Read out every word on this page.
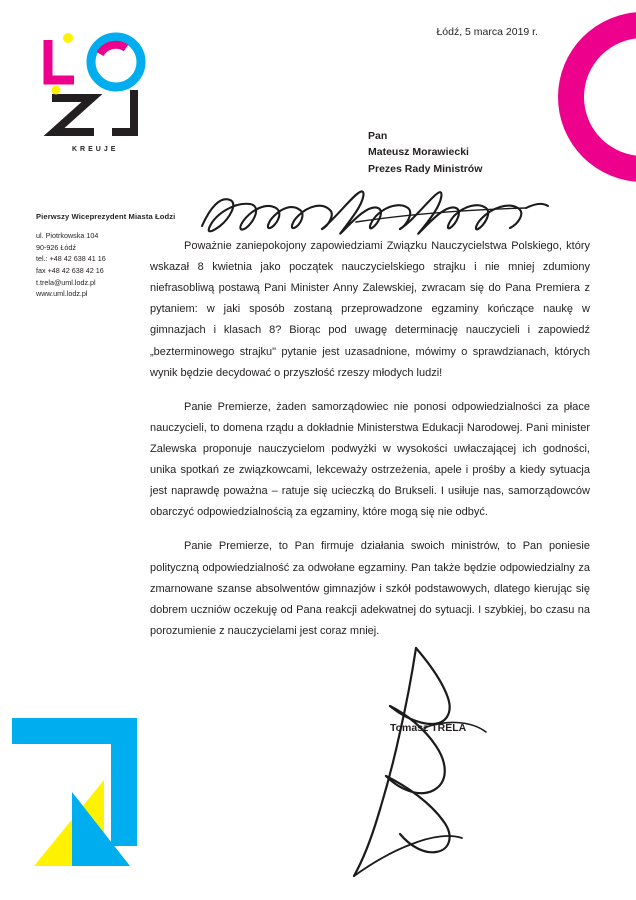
KREUJE
Łódź, 5 marca 2019 r.
Pan
Mateusz Morawiecki
Prezes Rady Ministrów
Pierwszy Wiceprezydent Miasta Łodzi
ul. Piotrkowska 104
90-926 Łódź
tel.: +48 42 638 41 16
fax +48 42 638 42 16
t.trela@uml.lodz.pl
www.uml.lodz.pl

Poważnie zaniepokojony zapowiedziami Związku Nauczycielstwa Polskiego, który wskazał 8 kwietnia jako początek nauczycielskiego strajku i nie mniej zdumiony niefrasobliwą postawą Pani Minister Anny Zalewskiej, zwracam się do Pana Premiera z pytaniem: w jaki sposób zostaną przeprowadzone egzaminy kończące naukę w gimnazjach i klasach 8? Biorąc pod uwagę determinację nauczycieli i zapowiedź „bezterminowego strajku" pytanie jest uzasadnione, mówimy o sprawdzianach, których wynik będzie decydować o przyszłość rzeszy młodych ludzi!

Panie Premierze, żaden samorządowiec nie ponosi odpowiedzialności za płace nauczycieli, to domena rządu a dokładnie Ministerstwa Edukacji Narodowej. Pani minister Zalewska proponuje nauczycielom podwyżki w wysokości uwłaczającej ich godności, unika spotkań ze związkowcami, lekceważy ostrzeżenia, apele i prośby a kiedy sytuacja jest naprawdę poważna – ratuje się ucieczką do Brukseli. I usiłuje nas, samorządowców obarczyć odpowiedzialnością za egzaminy, które mogą się nie odbyć.

Panie Premierze, to Pan firmuje działania swoich ministrów, to Pan poniesie polityczną odpowiedzialność za odwołane egzaminy. Pan także będzie odpowiedzialny za zmarnowane szanse absolwentów gimnazjów i szkół podstawowych, dlatego kierując się dobrem uczniów oczekuję od Pana reakcji adekwatnej do sytuacji. I szybkiej, bo czasu na porozumienie z nauczycielami jest coraz mniej.

Tomasz TRELA
